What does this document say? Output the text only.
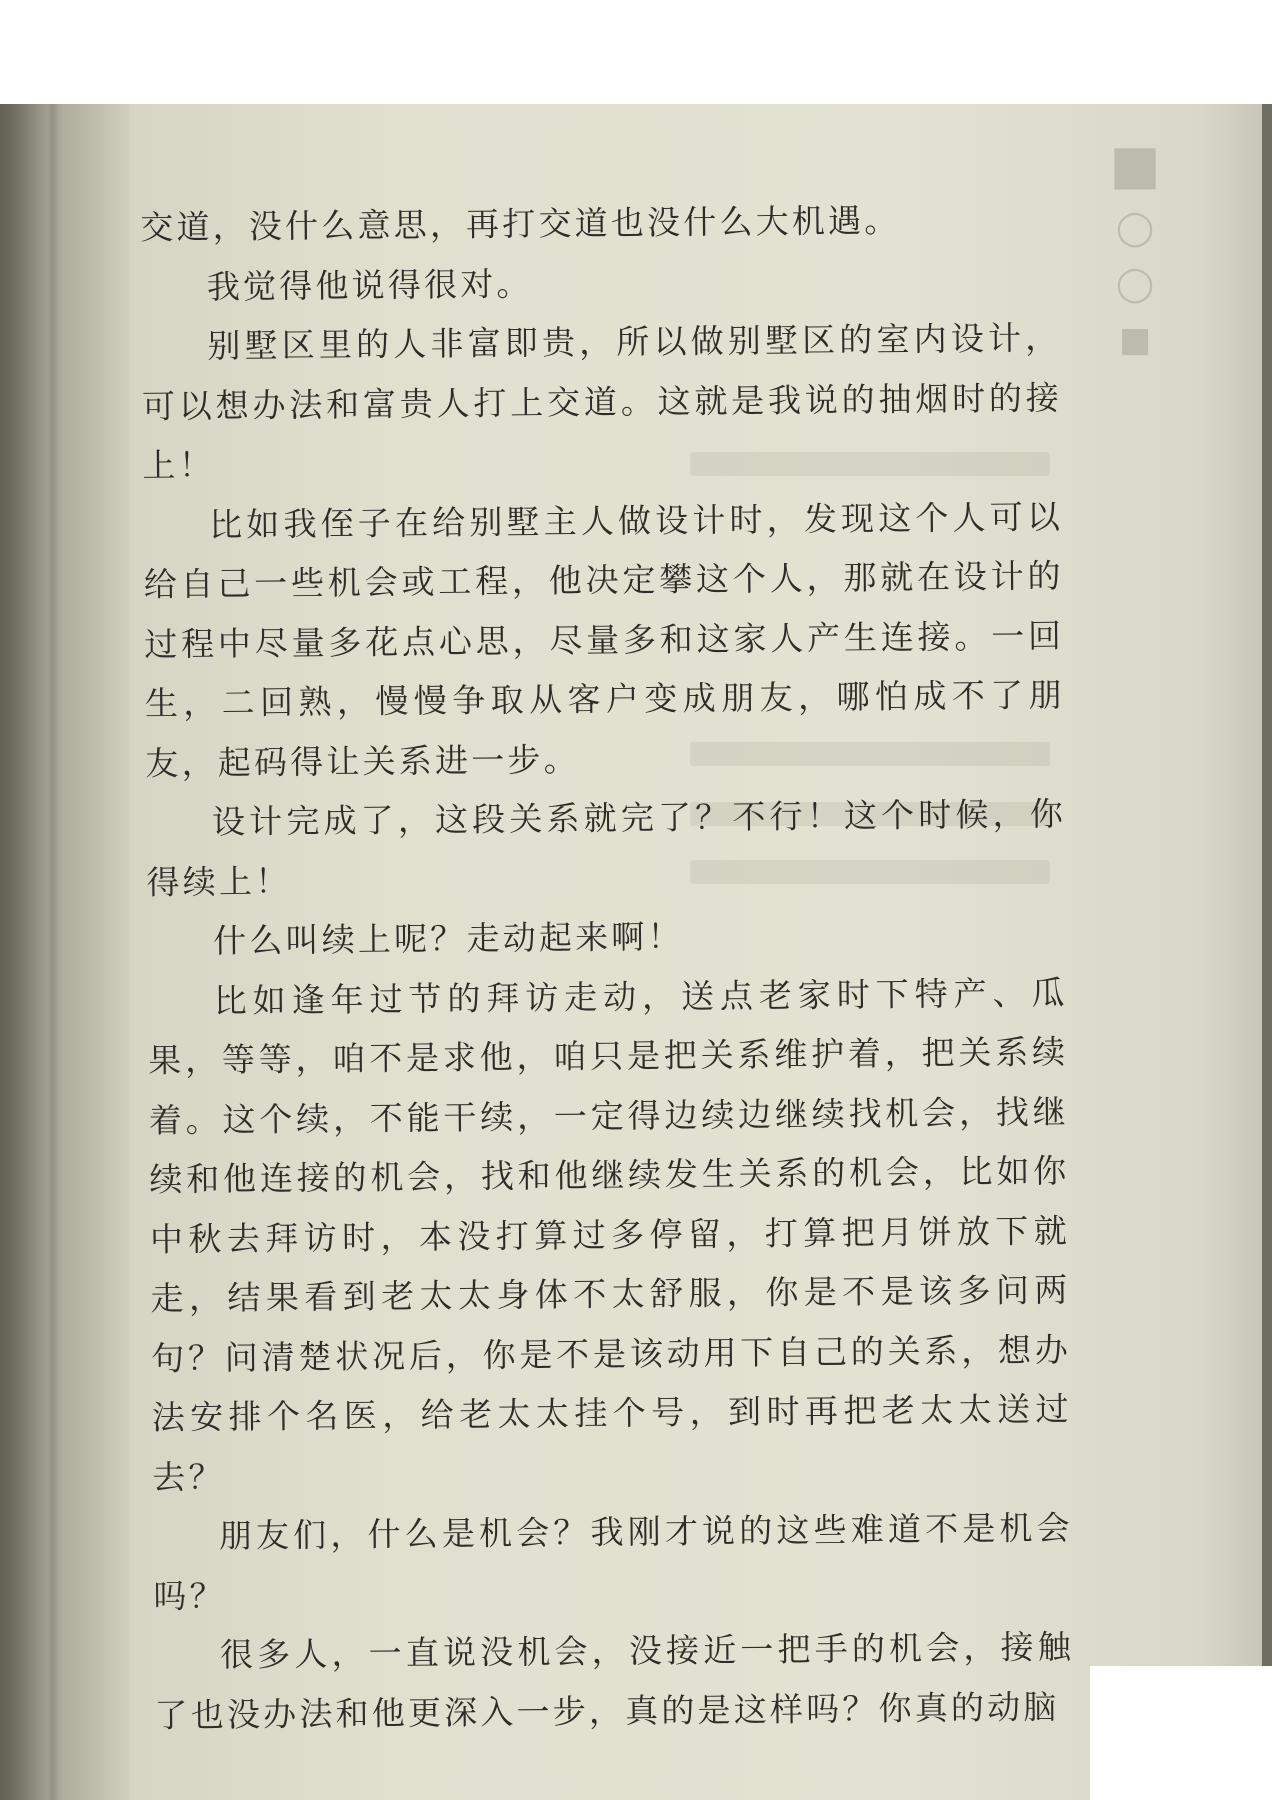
■
◯
◯
■

交道，没什么意思，再打交道也没什么大机遇。

我觉得他说得很对。

别墅区里的人非富即贵，所以做别墅区的室内设计，可以想办法和富贵人打上交道。这就是我说的抽烟时的接上！

比如我侄子在给别墅主人做设计时，发现这个人可以给自己一些机会或工程，他决定攀这个人，那就在设计的过程中尽量多花点心思，尽量多和这家人产生连接。一回生，二回熟，慢慢争取从客户变成朋友，哪怕成不了朋友，起码得让关系进一步。

设计完成了，这段关系就完了？不行！这个时候，你得续上！

什么叫续上呢？走动起来啊！

比如逢年过节的拜访走动，送点老家时下特产、瓜果，等等，咱不是求他，咱只是把关系维护着，把关系续着。这个续，不能干续，一定得边续边继续找机会，找继续和他连接的机会，找和他继续发生关系的机会，比如你中秋去拜访时，本没打算过多停留，打算把月饼放下就走，结果看到老太太身体不太舒服，你是不是该多问两句？问清楚状况后，你是不是该动用下自己的关系，想办法安排个名医，给老太太挂个号，到时再把老太太送过去？

朋友们，什么是机会？我刚才说的这些难道不是机会吗？

很多人，一直说没机会，没接近一把手的机会，接触了也没办法和他更深入一步，真的是这样吗？你真的动脑
